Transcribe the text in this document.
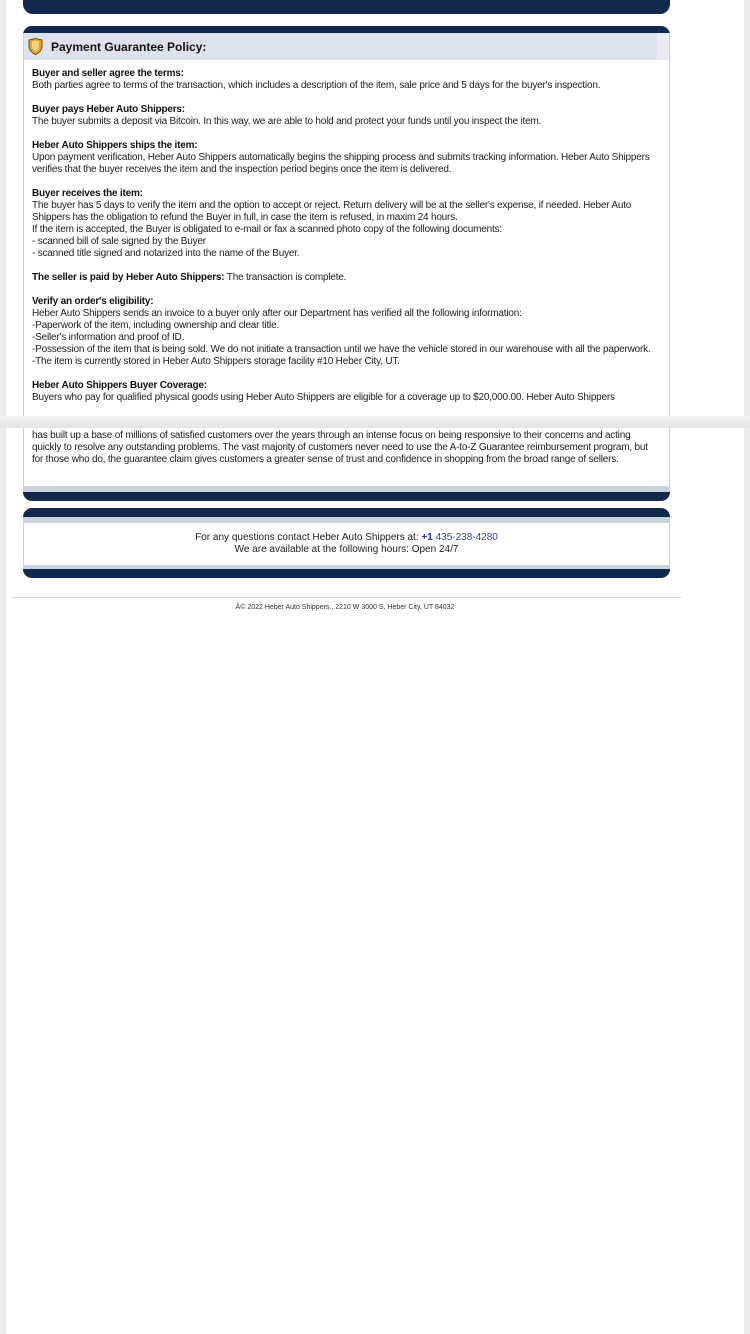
Payment Guarantee Policy:
Buyer and seller agree the terms:
Both parties agree to terms of the transaction, which includes a description of the item, sale price and 5 days for the buyer's inspection.
Buyer pays Heber Auto Shippers:
The buyer submits a deposit via Bitcoin. In this way, we are able to hold and protect your funds until you inspect the item.
Heber Auto Shippers ships the item:
Upon payment verification, Heber Auto Shippers automatically begins the shipping process and submits tracking information. Heber Auto Shippers verifies that the buyer receives the item and the inspection period begins once the item is delivered.
Buyer receives the item:
The buyer has 5 days to verify the item and the option to accept or reject. Return delivery will be at the seller's expense, if needed. Heber Auto Shippers has the obligation to refund the Buyer in full, in case the item is refused, in maxim 24 hours.
If the item is accepted, the Buyer is obligated to e-mail or fax a scanned photo copy of the following documents:
- scanned bill of sale signed by the Buyer
- scanned title signed and notarized into the name of the Buyer.
The seller is paid by Heber Auto Shippers: The transaction is complete.
Verify an order's eligibility:
Heber Auto Shippers sends an invoice to a buyer only after our Department has verified all the following information:
-Paperwork of the item, including ownership and clear title.
-Seller's information and proof of ID.
-Possession of the item that is being sold. We do not initiate a transaction until we have the vehicle stored in our warehouse with all the paperwork.
-The item is currently stored in Heber Auto Shippers storage facility #10 Heber City, UT.
Heber Auto Shippers Buyer Coverage:
Buyers who pay for qualified physical goods using Heber Auto Shippers are eligible for a coverage up to $20,000.00. Heber Auto Shippers
has built up a base of millions of satisfied customers over the years through an intense focus on being responsive to their concerns and acting quickly to resolve any outstanding problems. The vast majority of customers never need to use the A-to-Z Guarantee reimbursement program, but for those who do, the guarantee claim gives customers a greater sense of trust and confidence in shopping from the broad range of sellers.
For any questions contact Heber Auto Shippers at: +1 435-238-4280
We are available at the following hours: Open 24/7
Â© 2022 Heber Auto Shippers., 2210 W 3000 S, Heber City, UT 84032
